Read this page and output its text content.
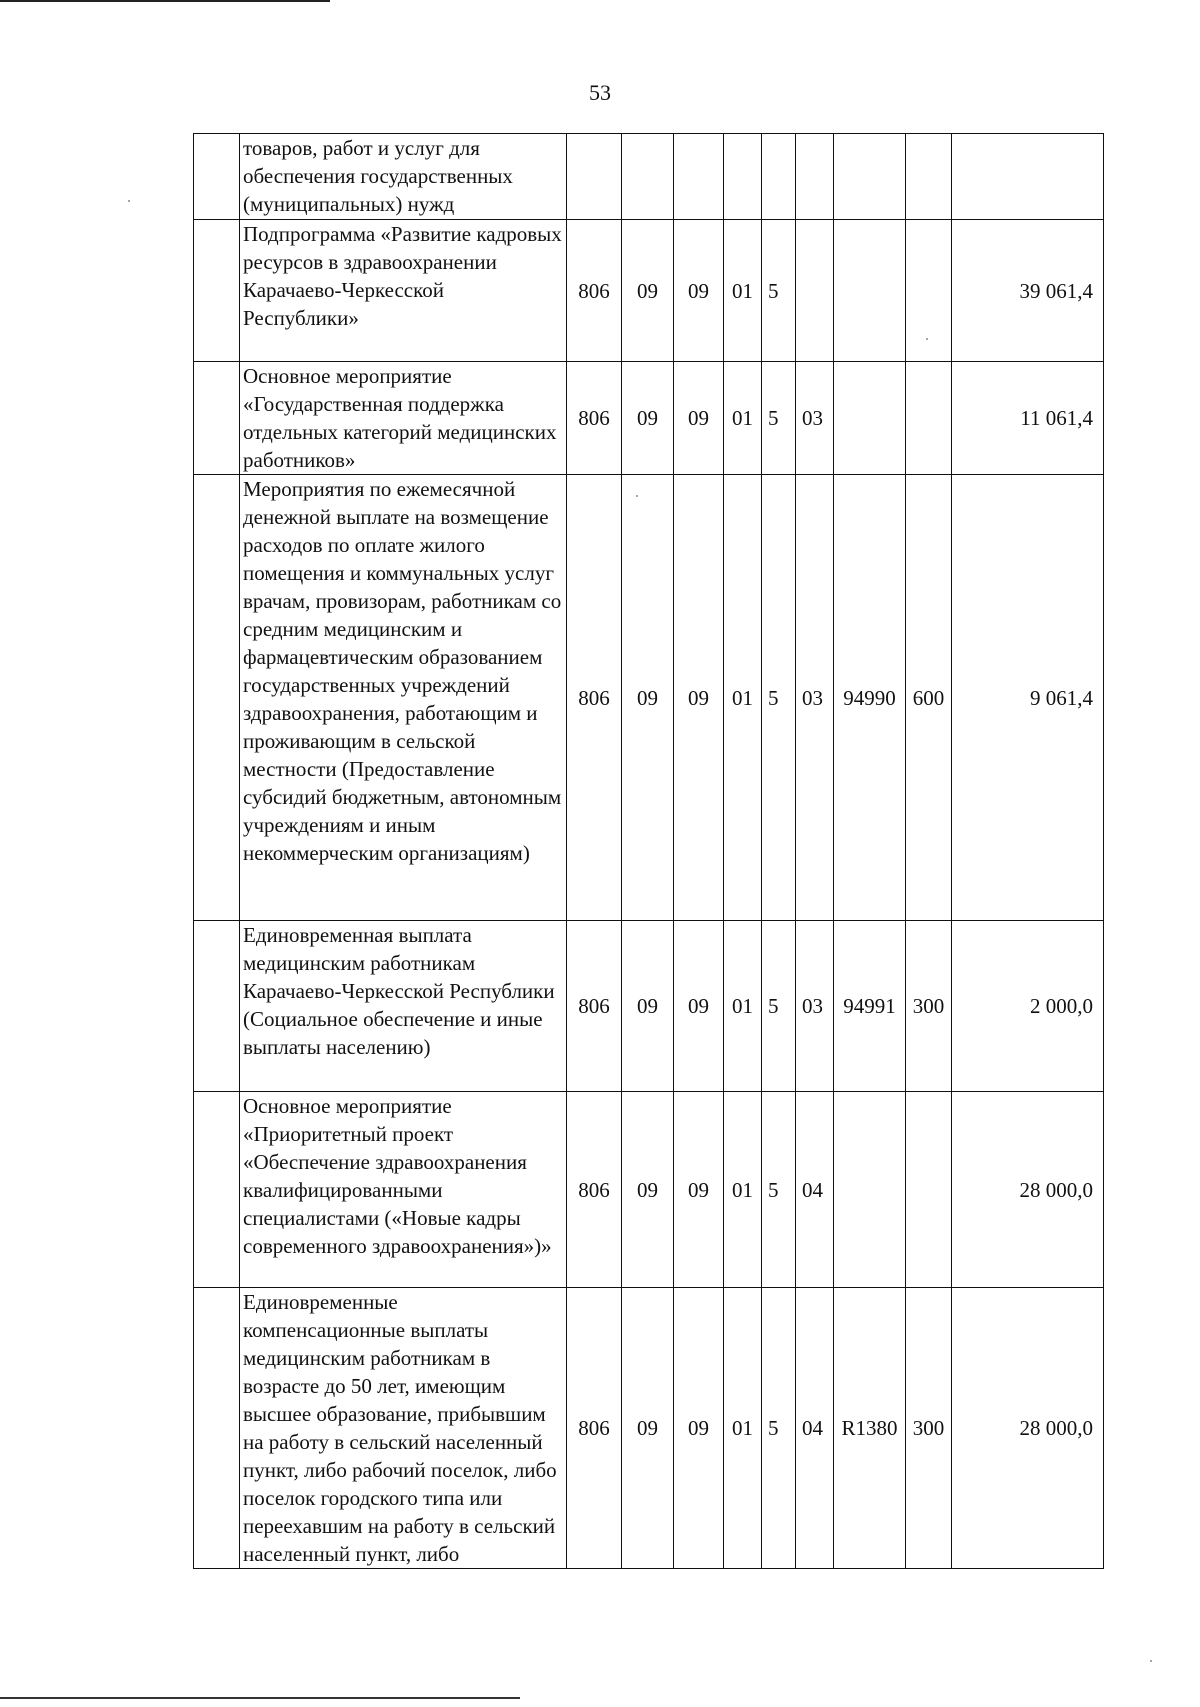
53
	товаров, работ и услуг для обеспечения государственных (муниципальных) нужд									
	Подпрограмма «Развитие кадровых ресурсов в здравоохранении Карачаево-Черкесской Республики»	806	09	09	01	5				39 061,4
	Основное мероприятие «Государственная поддержка отдельных категорий медицинских работников»	806	09	09	01	5	03			11 061,4
	Мероприятия по ежемесячной денежной выплате на возмещение расходов по оплате жилого помещения и коммунальных услуг врачам, провизорам, работникам со средним медицинским и фармацевтическим образованием государственных учреждений здравоохранения, работающим и проживающим в сельской местности (Предоставление субсидий бюджетным, автономным учреждениям и иным некоммерческим организациям)	806	09	09	01	5	03	94990	600	9 061,4
	Единовременная выплата медицинским работникам Карачаево-Черкесской Республики (Социальное обеспечение и иные выплаты населению)	806	09	09	01	5	03	94991	300	2 000,0
	Основное мероприятие «Приоритетный проект «Обеспечение здравоохранения квалифицированными специалистами («Новые кадры современного здравоохранения»)»	806	09	09	01	5	04			28 000,0
	Единовременные компенсационные выплаты медицинским работникам в возрасте до 50 лет, имеющим высшее образование, прибывшим на работу в сельский населенный пункт, либо рабочий поселок, либо поселок городского типа или переехавшим на работу в сельский населенный пункт, либо	806	09	09	01	5	04	R1380	300	28 000,0
